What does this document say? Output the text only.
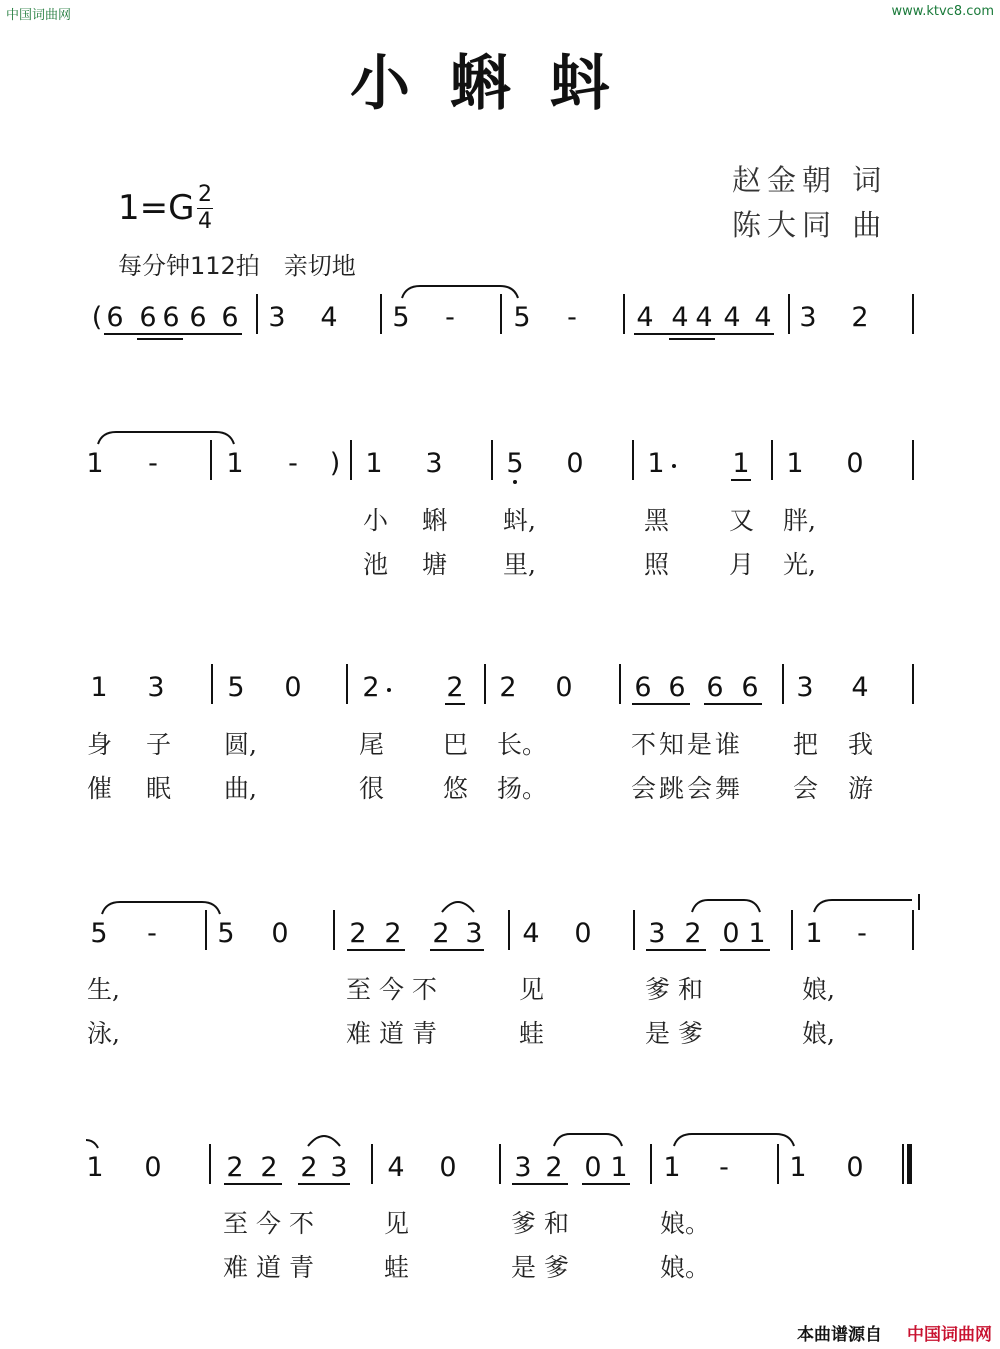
中国词曲网	www.ktvc8.com
本曲谱源自 中国词曲网
小蝌蚪
赵金朝 词
陈大同 曲
1=G 2
4
每分钟112拍　亲切地
( 6 6 6 6 6 3 4 5	-	5	-	4 4 4 4 4 3 2
1	-	1	-	) 1 3 5 0 1	1 1 0
小 蝌 蚪,	黑 又 胖,
池 塘 里,	照 月 光,
1 3 5 0 2 2 2 0 6 6 6 6 3 4
身 子 圆,	尾 巴 长。	不知是谁 把 我
催 眠 曲,	很 悠 扬。	会跳会舞 会 游
5	-	5 0 2 2 2 3 4 0 3 2 0 1 1	-
生,	至今不	见	爹和	娘,
泳,	难道青	蛙	是爹	娘,
1 0 2 2 2 3 4 0 3 2 0 1 1	-	1 0
至今不 见	爹和	娘。
难道青 蛙	是爹	娘。
